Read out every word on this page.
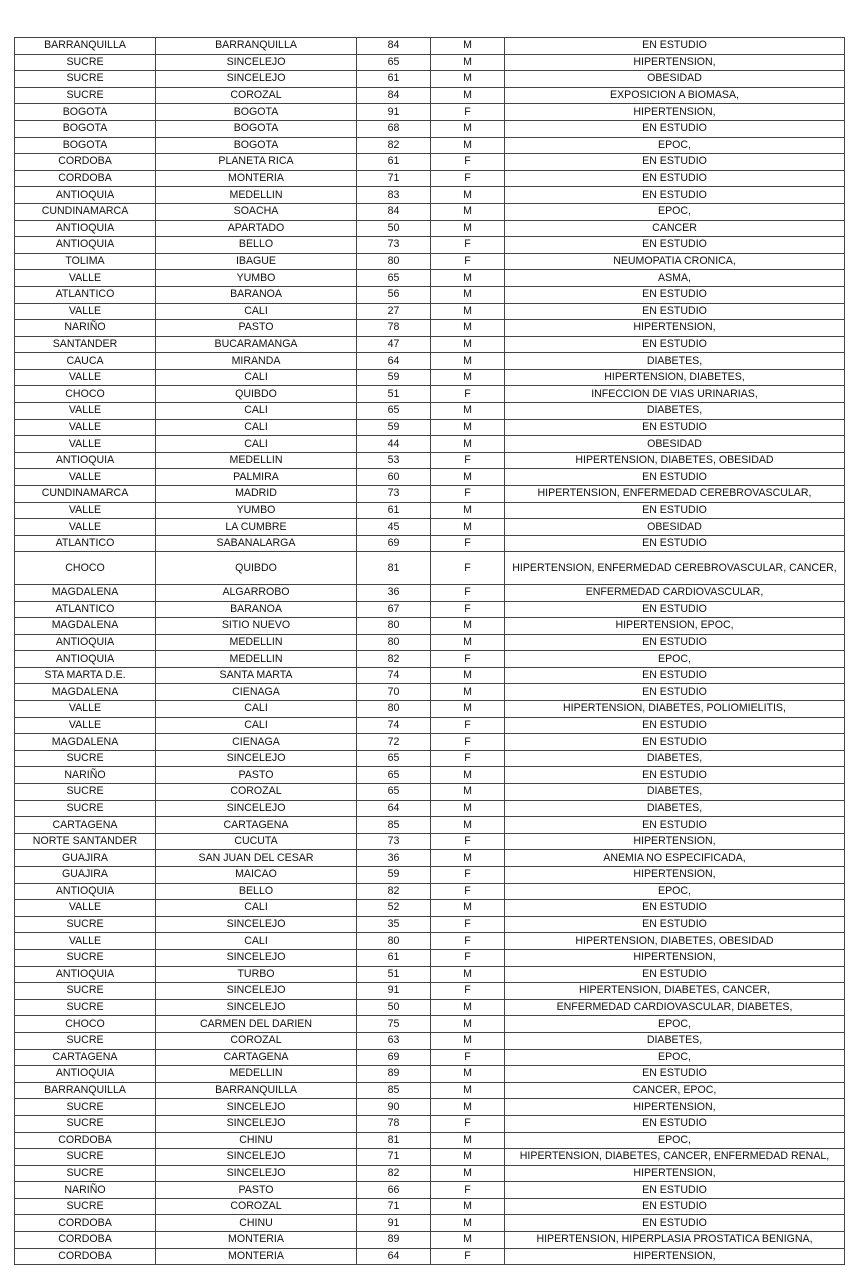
BARRANQUILLA	BARRANQUILLA	84	M	EN ESTUDIO
SUCRE	SINCELEJO	65	M	HIPERTENSION,
SUCRE	SINCELEJO	61	M	OBESIDAD
SUCRE	COROZAL	84	M	EXPOSICION A BIOMASA,
BOGOTA	BOGOTA	91	F	HIPERTENSION,
BOGOTA	BOGOTA	68	M	EN ESTUDIO
BOGOTA	BOGOTA	82	M	EPOC,
CORDOBA	PLANETA RICA	61	F	EN ESTUDIO
CORDOBA	MONTERIA	71	F	EN ESTUDIO
ANTIOQUIA	MEDELLIN	83	M	EN ESTUDIO
CUNDINAMARCA	SOACHA	84	M	EPOC,
ANTIOQUIA	APARTADO	50	M	CANCER
ANTIOQUIA	BELLO	73	F	EN ESTUDIO
TOLIMA	IBAGUE	80	F	NEUMOPATIA CRONICA,
VALLE	YUMBO	65	M	ASMA,
ATLANTICO	BARANOA	56	M	EN ESTUDIO
VALLE	CALI	27	M	EN ESTUDIO
NARIÑO	PASTO	78	M	HIPERTENSION,
SANTANDER	BUCARAMANGA	47	M	EN ESTUDIO
CAUCA	MIRANDA	64	M	DIABETES,
VALLE	CALI	59	M	HIPERTENSION, DIABETES,
CHOCO	QUIBDO	51	F	INFECCION DE VIAS URINARIAS,
VALLE	CALI	65	M	DIABETES,
VALLE	CALI	59	M	EN ESTUDIO
VALLE	CALI	44	M	OBESIDAD
ANTIOQUIA	MEDELLIN	53	F	HIPERTENSION, DIABETES, OBESIDAD
VALLE	PALMIRA	60	M	EN ESTUDIO
CUNDINAMARCA	MADRID	73	F	HIPERTENSION, ENFERMEDAD CEREBROVASCULAR,
VALLE	YUMBO	61	M	EN ESTUDIO
VALLE	LA CUMBRE	45	M	OBESIDAD
ATLANTICO	SABANALARGA	69	F	EN ESTUDIO
CHOCO	QUIBDO	81	F	HIPERTENSION, ENFERMEDAD CEREBROVASCULAR, CANCER,
MAGDALENA	ALGARROBO	36	F	ENFERMEDAD CARDIOVASCULAR,
ATLANTICO	BARANOA	67	F	EN ESTUDIO
MAGDALENA	SITIO NUEVO	80	M	HIPERTENSION, EPOC,
ANTIOQUIA	MEDELLIN	80	M	EN ESTUDIO
ANTIOQUIA	MEDELLIN	82	F	EPOC,
STA MARTA D.E.	SANTA MARTA	74	M	EN ESTUDIO
MAGDALENA	CIENAGA	70	M	EN ESTUDIO
VALLE	CALI	80	M	HIPERTENSION, DIABETES, POLIOMIELITIS,
VALLE	CALI	74	F	EN ESTUDIO
MAGDALENA	CIENAGA	72	F	EN ESTUDIO
SUCRE	SINCELEJO	65	F	DIABETES,
NARIÑO	PASTO	65	M	EN ESTUDIO
SUCRE	COROZAL	65	M	DIABETES,
SUCRE	SINCELEJO	64	M	DIABETES,
CARTAGENA	CARTAGENA	85	M	EN ESTUDIO
NORTE SANTANDER	CUCUTA	73	F	HIPERTENSION,
GUAJIRA	SAN JUAN DEL CESAR	36	M	ANEMIA NO ESPECIFICADA,
GUAJIRA	MAICAO	59	F	HIPERTENSION,
ANTIOQUIA	BELLO	82	F	EPOC,
VALLE	CALI	52	M	EN ESTUDIO
SUCRE	SINCELEJO	35	F	EN ESTUDIO
VALLE	CALI	80	F	HIPERTENSION, DIABETES, OBESIDAD
SUCRE	SINCELEJO	61	F	HIPERTENSION,
ANTIOQUIA	TURBO	51	M	EN ESTUDIO
SUCRE	SINCELEJO	91	F	HIPERTENSION, DIABETES, CANCER,
SUCRE	SINCELEJO	50	M	ENFERMEDAD CARDIOVASCULAR, DIABETES,
CHOCO	CARMEN DEL DARIEN	75	M	EPOC,
SUCRE	COROZAL	63	M	DIABETES,
CARTAGENA	CARTAGENA	69	F	EPOC,
ANTIOQUIA	MEDELLIN	89	M	EN ESTUDIO
BARRANQUILLA	BARRANQUILLA	85	M	CANCER, EPOC,
SUCRE	SINCELEJO	90	M	HIPERTENSION,
SUCRE	SINCELEJO	78	F	EN ESTUDIO
CORDOBA	CHINU	81	M	EPOC,
SUCRE	SINCELEJO	71	M	HIPERTENSION, DIABETES, CANCER, ENFERMEDAD RENAL,
SUCRE	SINCELEJO	82	M	HIPERTENSION,
NARIÑO	PASTO	66	F	EN ESTUDIO
SUCRE	COROZAL	71	M	EN ESTUDIO
CORDOBA	CHINU	91	M	EN ESTUDIO
CORDOBA	MONTERIA	89	M	HIPERTENSION, HIPERPLASIA PROSTATICA BENIGNA,
CORDOBA	MONTERIA	64	F	HIPERTENSION,
